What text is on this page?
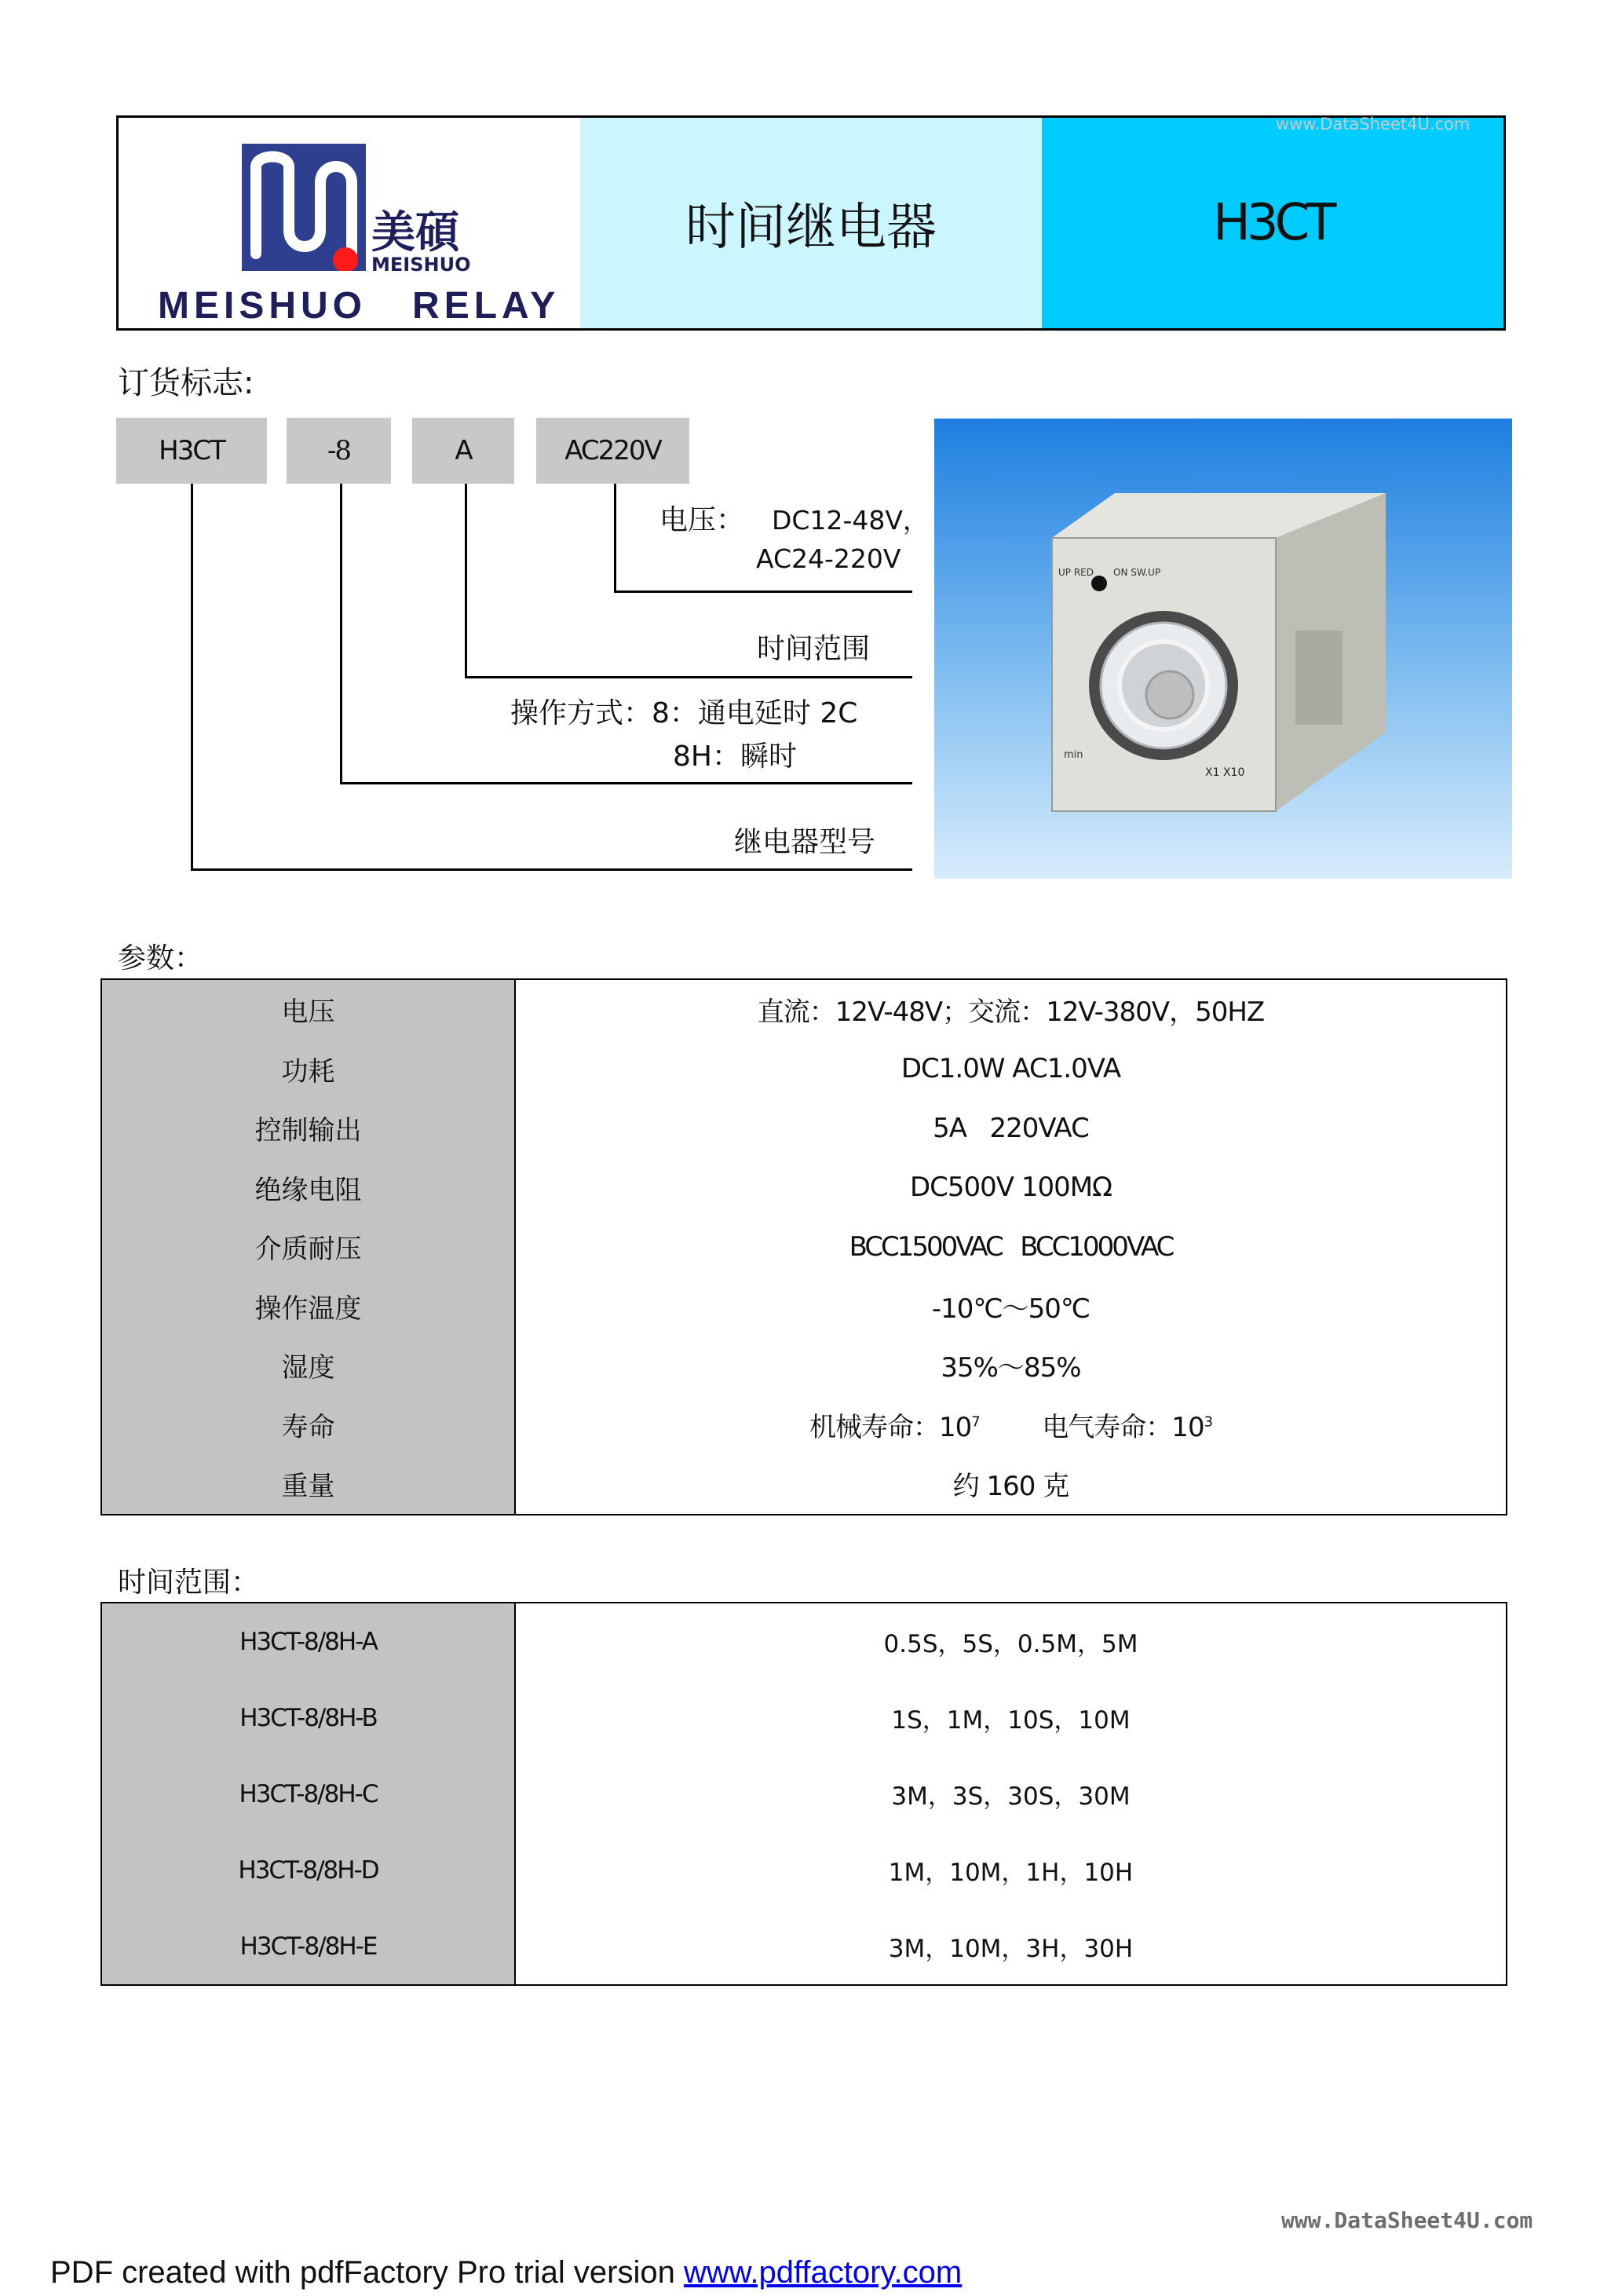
美碩
MEISHUO
MEISHUO   RELAY
时间继电器	H3CT
www.DataSheet4U.com
订货标志:
H3CT	-8	A	AC220V
电压： DC12-48V，
AC24-220V
时间范围
操作方式：8：通电延时 2C
8H：瞬时
继电器型号
UP RED ON SW.UP
min
X1 X10
参数：
电压	直流：12V-48V；交流：12V-380V，50HZ
功耗	DC1.0W AC1.0VA
控制输出	5A   220VAC
绝缘电阻	DC500V 100MΩ
介质耐压	BCC1500VAC   BCC1000VAC
操作温度	-10℃～50℃
湿度	35%～85%
寿命	机械寿命：$10^7$ 电气寿命：$10^3$
重量	约 160 克
时间范围：
H3CT-8/8H-A	0.5S，5S，0.5M，5M
H3CT-8/8H-B	1S，1M，10S，10M
H3CT-8/8H-C	3M，3S，30S，30M
H3CT-8/8H-D	1M，10M，1H，10H
H3CT-8/8H-E	3M，10M，3H，30H
www.DataSheet4U.com
PDF created with pdfFactory Pro trial version www.pdffactory.com
